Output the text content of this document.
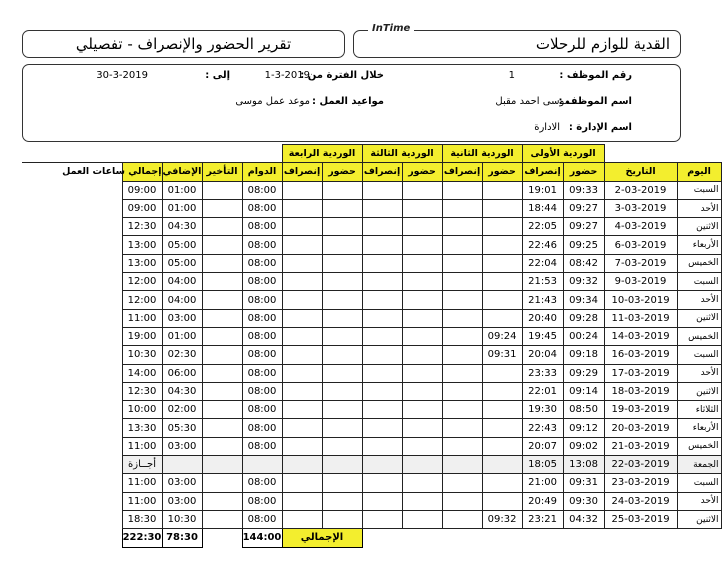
تقرير الحضور والإنصراف - تفصيلي	القدية للوازم للرحلات
InTime
رقم الموظف :
1
اسم الموظف :
موسى احمد مقبل
اسم الإدارة :
الادارة
خلال الفترة من :
1-3-2019
إلى :
30-3-2019
مواعيد العمل :
موعد عمل موسى
		الوردية الأولى		الوردية الثانية		الوردية الثالثة		الوردية الرابعة						
اليوم	التاريخ	حضور	إنصراف	حضور	إنصراف	حضور	إنصراف	حضور	إنصراف	الدوام	التأخير	الإضافي	إجمالي ساعات العمل	
السبت	2-03-2019	09:33	19:01							08:00		01:00	09:00	
الأحد	3-03-2019	09:27	18:44							08:00		01:00	09:00	
الاثنين	4-03-2019	09:27	22:05							08:00		04:30	12:30	
الأربعاء	6-03-2019	09:25	22:46							08:00		05:00	13:00	
الخميس	7-03-2019	08:42	22:04							08:00		05:00	13:00	
السبت	9-03-2019	09:32	21:53							08:00		04:00	12:00	
الأحد	10-03-2019	09:34	21:43							08:00		04:00	12:00	
الاثنين	11-03-2019	09:28	20:40							08:00		03:00	11:00	
الخميس	14-03-2019	00:24	19:45	09:24						08:00		01:00	19:00	
السبت	16-03-2019	09:18	20:04	09:31						08:00		02:30	10:30	
الأحد	17-03-2019	09:29	23:33							08:00		06:00	14:00	
الاثنين	18-03-2019	09:14	22:01							08:00		04:30	12:30	
الثلاثاء	19-03-2019	08:50	19:30							08:00		02:00	10:00	
الأربعاء	20-03-2019	09:12	22:43							08:00		05:30	13:30	
الخميس	21-03-2019	09:02	20:07							08:00		03:00	11:00	
الجمعة	22-03-2019	13:08	18:05										أجــازة	
السبت	23-03-2019	09:31	21:00							08:00		03:00	11:00	
الأحد	24-03-2019	09:30	20:49							08:00		03:00	11:00	
الاثنين	25-03-2019	04:32	23:21	09:32						08:00		10:30	18:30	
								الإجمالي		144:00		78:30	222:30	
